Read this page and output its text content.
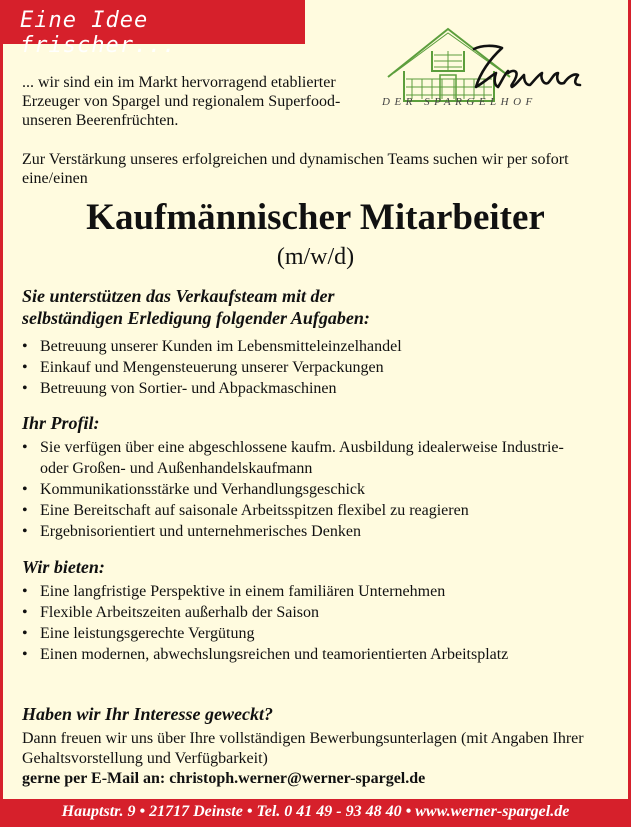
Eine Idee frischer...
DER SPARGELHOF
... wir sind ein im Markt hervorragend etablierter Erzeuger von Spargel und regionalem Superfood- unseren Beerenfrüchten.
Zur Verstärkung unseres erfolgreichen und dynamischen Teams suchen wir per sofort eine/einen
Kaufmännischer Mitarbeiter
(m/w/d)
Sie unterstützen das Verkaufsteam mit der
selbständigen Erledigung folgender Aufgaben:
• Betreuung unserer Kunden im Lebensmitteleinzelhandel
• Einkauf und Mengensteuerung unserer Verpackungen
• Betreuung von Sortier- und Abpackmaschinen
Ihr Profil:
• Sie verfügen über eine abgeschlossene kaufm. Ausbildung idealerweise Industrie- oder Großen- und Außenhandelskaufmann
• Kommunikationsstärke und Verhandlungsgeschick
• Eine Bereitschaft auf saisonale Arbeitsspitzen flexibel zu reagieren
• Ergebnisorientiert und unternehmerisches Denken
Wir bieten:
• Eine langfristige Perspektive in einem familiären Unternehmen
• Flexible Arbeitszeiten außerhalb der Saison
• Eine leistungsgerechte Vergütung
• Einen modernen, abwechslungsreichen und teamorientierten Arbeitsplatz
Haben wir Ihr Interesse geweckt?
Dann freuen wir uns über Ihre vollständigen Bewerbungsunterlagen (mit Angaben Ihrer Gehaltsvorstellung und Verfügbarkeit)
gerne per E-Mail an: christoph.werner@werner-spargel.de
Hauptstr. 9 • 21717 Deinste • Tel. 0 41 49 - 93 48 40 • www.werner-spargel.de
